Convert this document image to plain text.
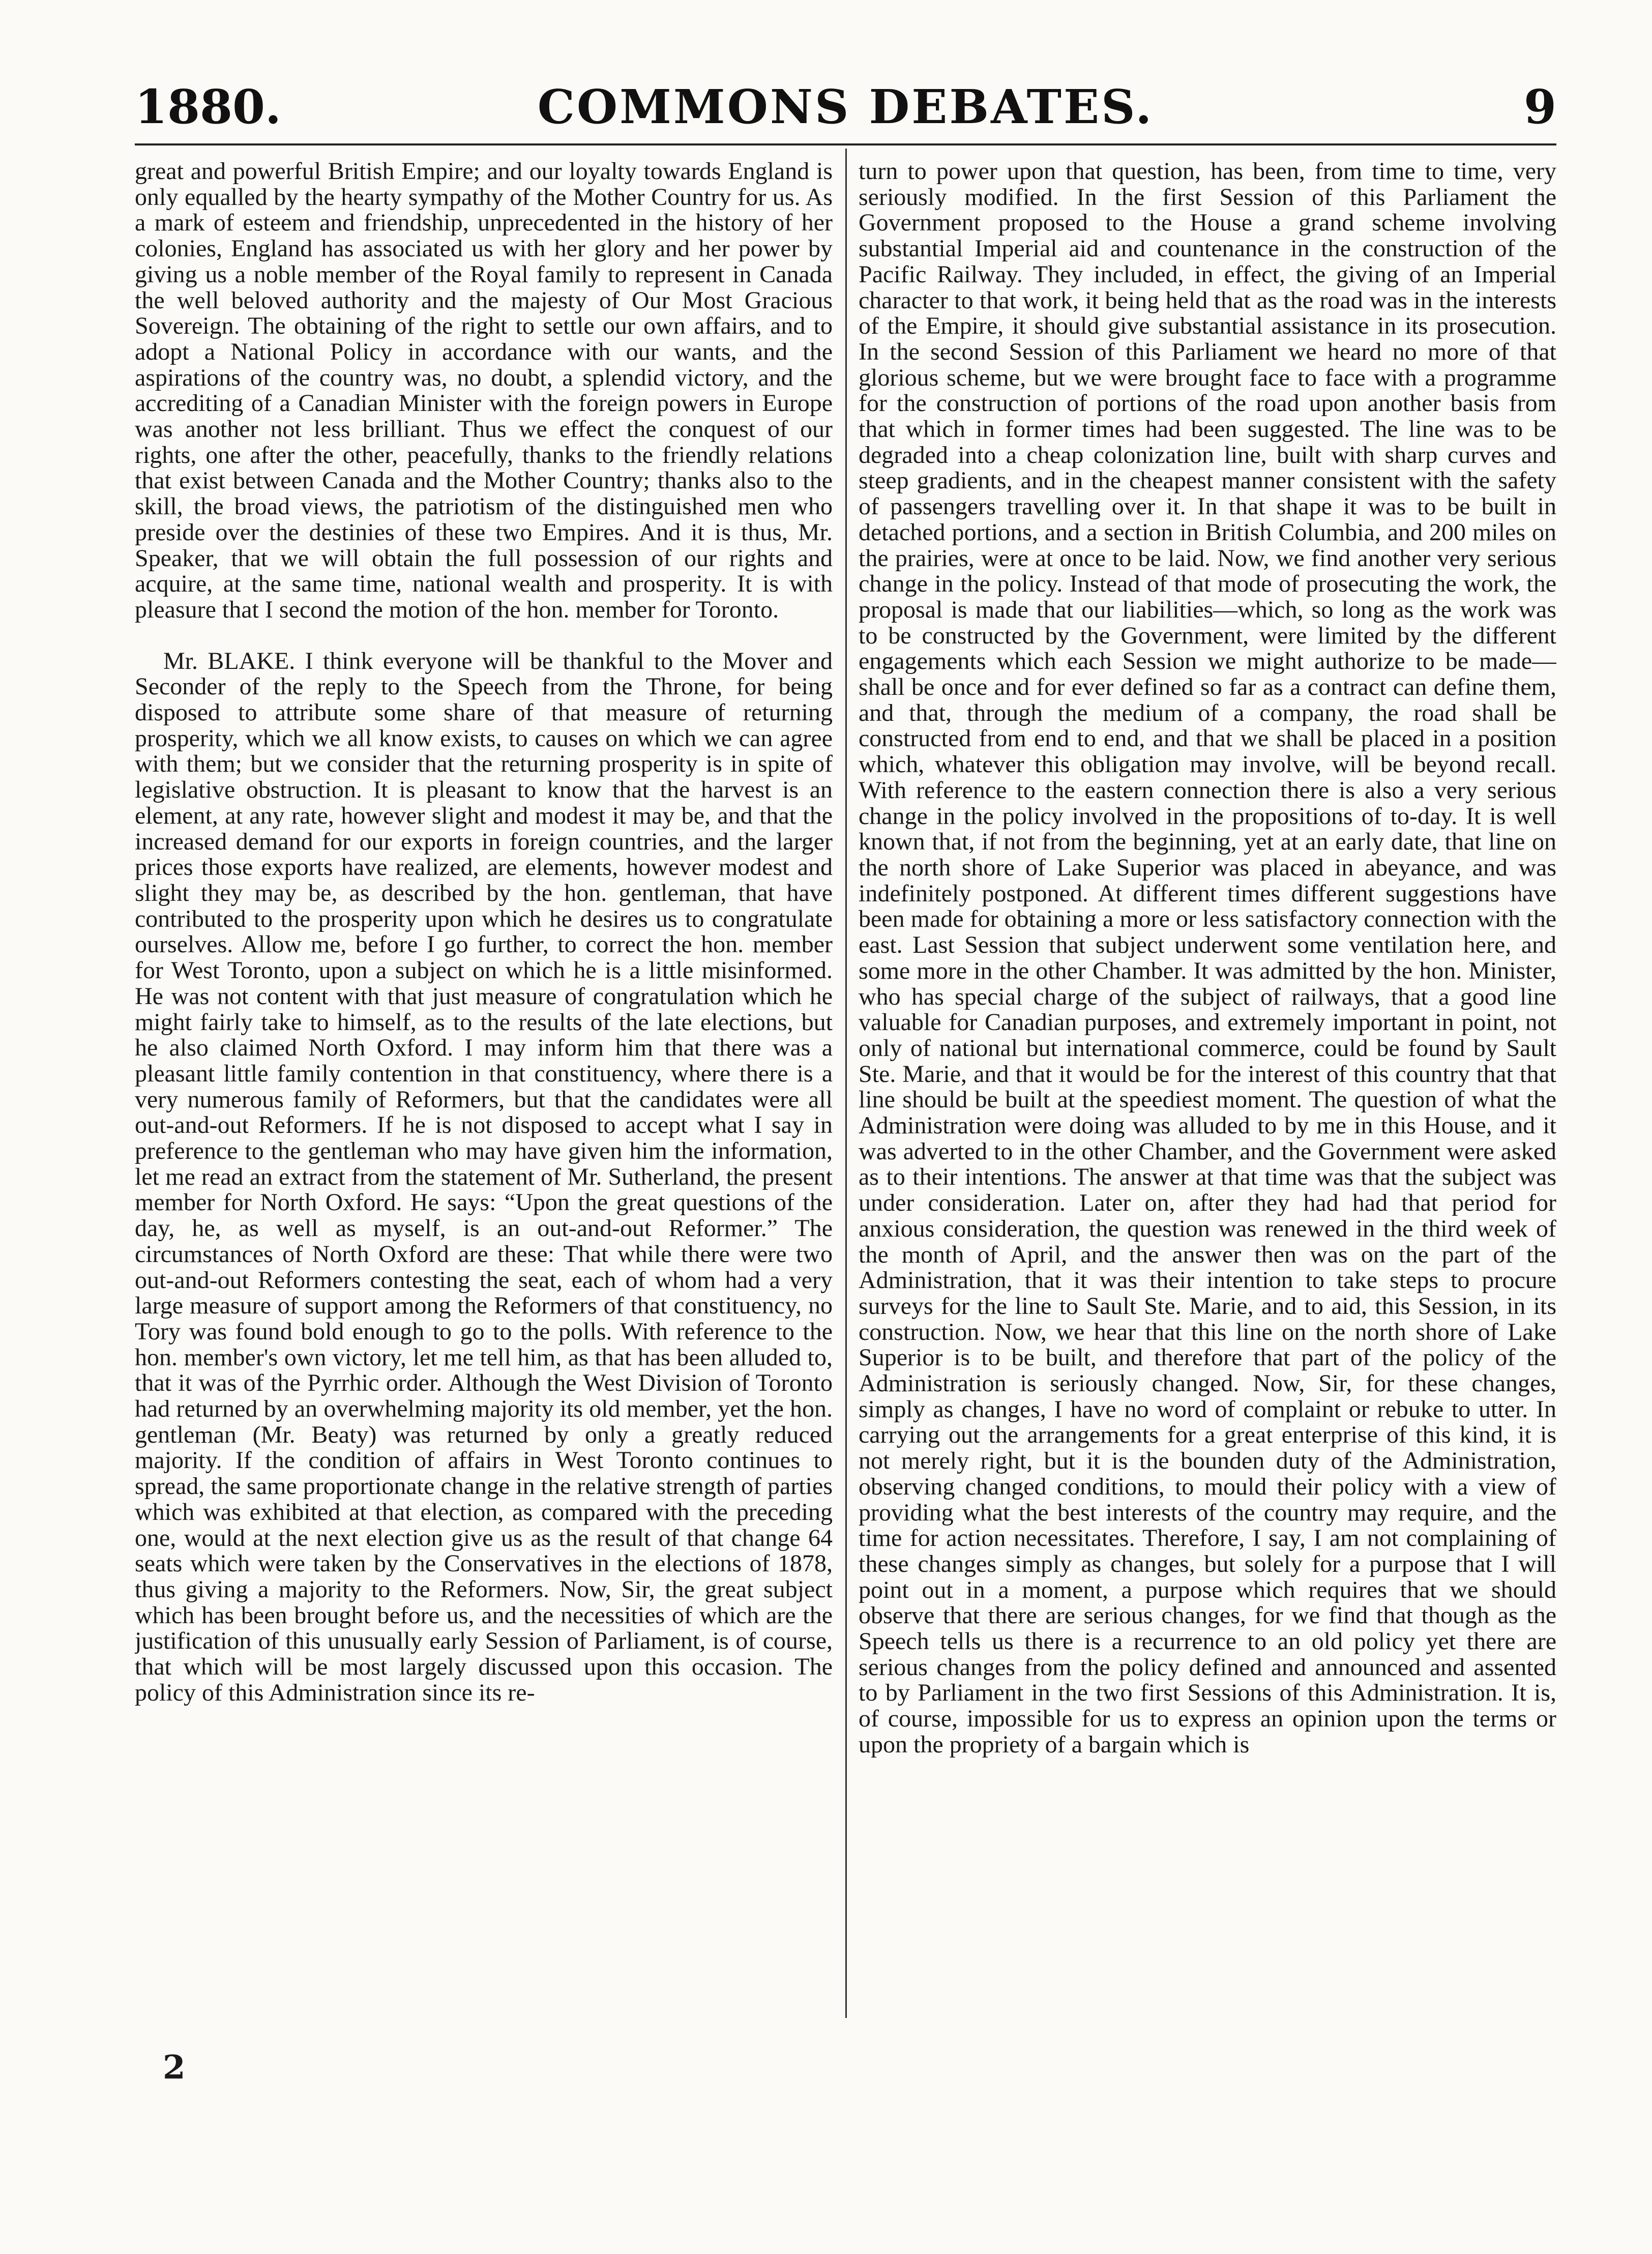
1880.	COMMONS DEBATES.	9

great and powerful British Empire; and our loyalty towards England is only equalled by the hearty sympathy of the Mother Country for us. As a mark of esteem and friendship, unprecedented in the history of her colonies, England has associated us with her glory and her power by giving us a noble member of the Royal family to represent in Canada the well beloved authority and the majesty of Our Most Gracious Sovereign. The obtaining of the right to settle our own affairs, and to adopt a National Policy in accordance with our wants, and the aspirations of the country was, no doubt, a splendid victory, and the accrediting of a Canadian Minister with the foreign powers in Europe was another not less brilliant. Thus we effect the conquest of our rights, one after the other, peacefully, thanks to the friendly relations that exist between Canada and the Mother Country; thanks also to the skill, the broad views, the patriotism of the distinguished men who preside over the destinies of these two Empires. And it is thus, Mr. Speaker, that we will obtain the full possession of our rights and acquire, at the same time, national wealth and prosperity. It is with pleasure that I second the motion of the hon. member for Toronto.

Mr. BLAKE. I think everyone will be thankful to the Mover and Seconder of the reply to the Speech from the Throne, for being disposed to attribute some share of that measure of returning prosperity, which we all know exists, to causes on which we can agree with them; but we consider that the returning prosperity is in spite of legislative obstruction. It is pleasant to know that the harvest is an element, at any rate, however slight and modest it may be, and that the increased demand for our exports in foreign countries, and the larger prices those exports have realized, are elements, however modest and slight they may be, as described by the hon. gentleman, that have contributed to the prosperity upon which he desires us to congratulate ourselves. Allow me, before I go further, to correct the hon. member for West Toronto, upon a subject on which he is a little misinformed. He was not content with that just measure of congratulation which he might fairly take to himself, as to the results of the late elections, but he also claimed North Oxford. I may inform him that there was a pleasant little family contention in that constituency, where there is a very numerous family of Reformers, but that the candidates were all out-and-out Reformers. If he is not disposed to accept what I say in preference to the gentleman who may have given him the information, let me read an extract from the statement of Mr. Sutherland, the present member for North Oxford. He says: “Upon the great questions of the day, he, as well as myself, is an out-and-out Reformer.” The circumstances of North Oxford are these: That while there were two out-and-out Reformers contesting the seat, each of whom had a very large measure of support among the Reformers of that constituency, no Tory was found bold enough to go to the polls. With reference to the hon. member's own victory, let me tell him, as that has been alluded to, that it was of the Pyrrhic order. Although the West Division of Toronto had returned by an overwhelming majority its old member, yet the hon. gentleman (Mr. Beaty) was returned by only a greatly reduced majority. If the condition of affairs in West Toronto continues to spread, the same proportionate change in the relative strength of parties which was exhibited at that election, as compared with the preceding one, would at the next election give us as the result of that change 64 seats which were taken by the Conservatives in the elections of 1878, thus giving a majority to the Reformers. Now, Sir, the great subject which has been brought before us, and the necessities of which are the justification of this unusually early Session of Parliament, is of course, that which will be most largely discussed upon this occasion. The policy of this Administration since its re-

turn to power upon that question, has been, from time to time, very seriously modified. In the first Session of this Parliament the Government proposed to the House a grand scheme involving substantial Imperial aid and countenance in the construction of the Pacific Railway. They included, in effect, the giving of an Imperial character to that work, it being held that as the road was in the interests of the Empire, it should give substantial assistance in its prosecution. In the second Session of this Parliament we heard no more of that glorious scheme, but we were brought face to face with a programme for the construction of portions of the road upon another basis from that which in former times had been suggested. The line was to be degraded into a cheap colonization line, built with sharp curves and steep gradients, and in the cheapest manner consistent with the safety of passengers travelling over it. In that shape it was to be built in detached portions, and a section in British Columbia, and 200 miles on the prairies, were at once to be laid. Now, we find another very serious change in the policy. Instead of that mode of prosecuting the work, the proposal is made that our liabilities—which, so long as the work was to be constructed by the Government, were limited by the different engagements which each Session we might authorize to be made—shall be once and for ever defined so far as a contract can define them, and that, through the medium of a company, the road shall be constructed from end to end, and that we shall be placed in a position which, whatever this obligation may involve, will be beyond recall. With reference to the eastern connection there is also a very serious change in the policy involved in the propositions of to-day. It is well known that, if not from the beginning, yet at an early date, that line on the north shore of Lake Superior was placed in abeyance, and was indefinitely postponed. At different times different suggestions have been made for obtaining a more or less satisfactory connection with the east. Last Session that subject underwent some ventilation here, and some more in the other Chamber. It was admitted by the hon. Minister, who has special charge of the subject of railways, that a good line valuable for Canadian purposes, and extremely important in point, not only of national but international commerce, could be found by Sault Ste. Marie, and that it would be for the interest of this country that that line should be built at the speediest moment. The question of what the Administration were doing was alluded to by me in this House, and it was adverted to in the other Chamber, and the Government were asked as to their intentions. The answer at that time was that the subject was under consideration. Later on, after they had had that period for anxious consideration, the question was renewed in the third week of the month of April, and the answer then was on the part of the Administration, that it was their intention to take steps to procure surveys for the line to Sault Ste. Marie, and to aid, this Session, in its construction. Now, we hear that this line on the north shore of Lake Superior is to be built, and therefore that part of the policy of the Administration is seriously changed. Now, Sir, for these changes, simply as changes, I have no word of complaint or rebuke to utter. In carrying out the arrangements for a great enterprise of this kind, it is not merely right, but it is the bounden duty of the Administration, observing changed conditions, to mould their policy with a view of providing what the best interests of the country may require, and the time for action necessitates. Therefore, I say, I am not complaining of these changes simply as changes, but solely for a purpose that I will point out in a moment, a purpose which requires that we should observe that there are serious changes, for we find that though as the Speech tells us there is a recurrence to an old policy yet there are serious changes from the policy defined and announced and assented to by Parliament in the two first Sessions of this Administration. It is, of course, impossible for us to express an opinion upon the terms or upon the propriety of a bargain which is

2
